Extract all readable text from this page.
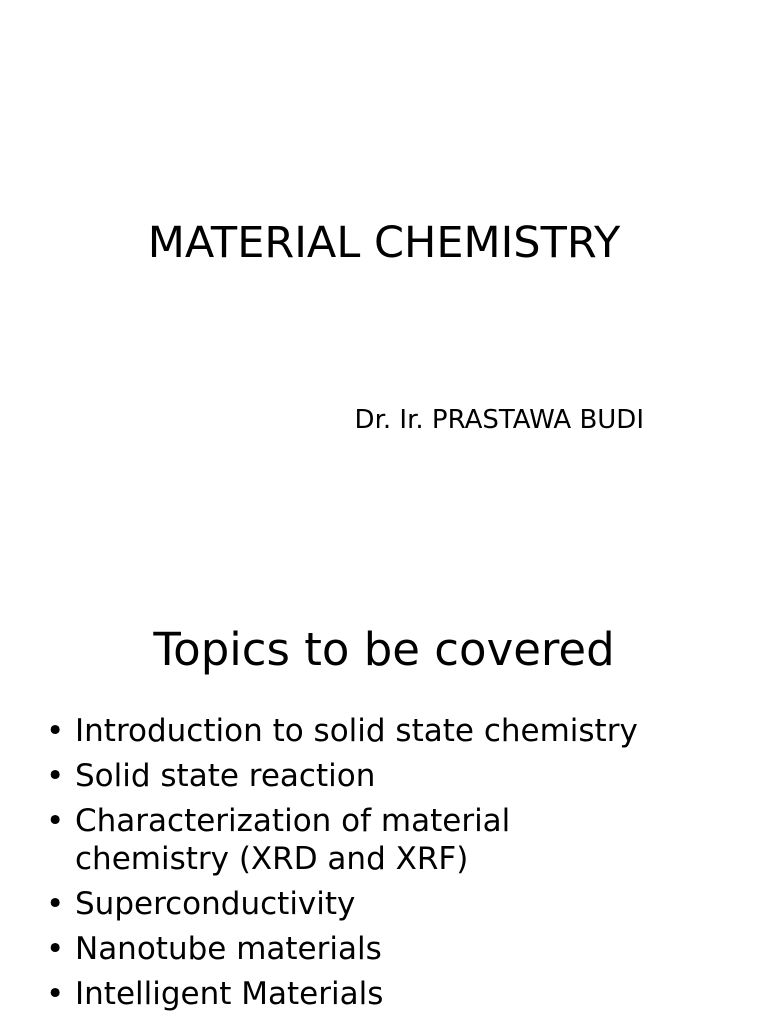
MATERIAL CHEMISTRY

Dr. Ir. PRASTAWA BUDI

Topics to be covered
• Introduction to solid state chemistry
• Solid state reaction
• Characterization of material chemistry (XRD and XRF)
• Superconductivity
• Nanotube materials
• Intelligent Materials
